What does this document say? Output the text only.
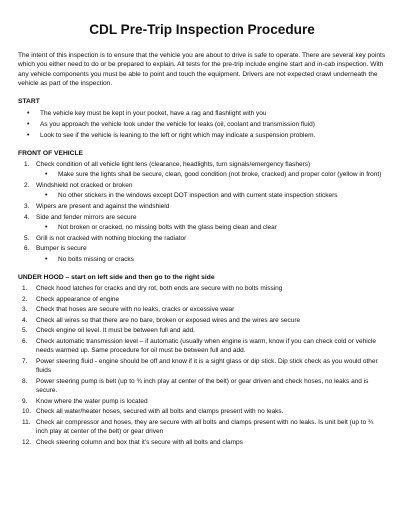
CDL Pre-Trip Inspection Procedure

The intent of this inspection is to ensure that the vehicle you are about to drive is safe to operate. There are several key points which you either need to do or be prepared to explain. All tests for the pre-trip include engine start and in-cab inspection. With any vehicle components you must be able to point and touch the equipment. Drivers are not expected crawl underneath the vehicle as part of the inspection.

START
• The vehicle key must be kept in your pocket, have a rag and flashlight with you
• As you approach the vehicle look under the vehicle for leaks (oil, coolant and transmission fluid)
• Look to see if the vehicle is leaning to the left or right which may indicate a suspension problem.
FRONT OF VEHICLE
1. Check condition of all vehicle light lens (clearance, headlights, turn signals/emergency flashers)
• Make sure the lights shall be secure, clean, good condition (not broke, cracked) and proper color (yellow in front)
2. Windshield not cracked or broken
• No other stickers in the windows except DOT inspection and with current state inspection stickers
3. Wipers are present and against the windshield
4. Side and fender mirrors are secure
• Not broken or cracked, no missing bolts with the glass being clean and clear
5. Grill is not cracked with nothing blocking the radiator
6. Bumper is secure
• No bolts missing or cracks
UNDER HOOD – start on left side and then go to the right side
1. Check hood latches for cracks and dry rot, both ends are secure with no bolts missing
2. Check appearance of engine
3. Check that hoses are secure with no leaks, cracks or excessive wear
4. Check all wires so that there are no bare, broken or exposed wires and the wires are secure
5. Check engine oil level. It must be between full and add.
6. Check automatic transmission level – if automatic (usually when engine is warm, know if you can check cold or vehicle needs warmed up. Same procedure for oil must be between full and add.
7. Power steering fluid - engine should be off and know if it is a sight glass or dip stick. Dip stick check as you would other fluids
8. Power steering pump is belt (up to ¾ inch play at center of the belt) or gear driven and check hoses, no leaks and is secure.
9. Know where the water pump is located
10. Check all water/heater hoses, secured with all bolts and clamps present with no leaks.
11. Check air compressor and hoses, they are secure with all bolts and clamps present with no leaks. Is unit belt (up to ¾ inch play at center of the belt) or gear driven
12. Check steering column and box that it’s secure with all bolts and clamps
